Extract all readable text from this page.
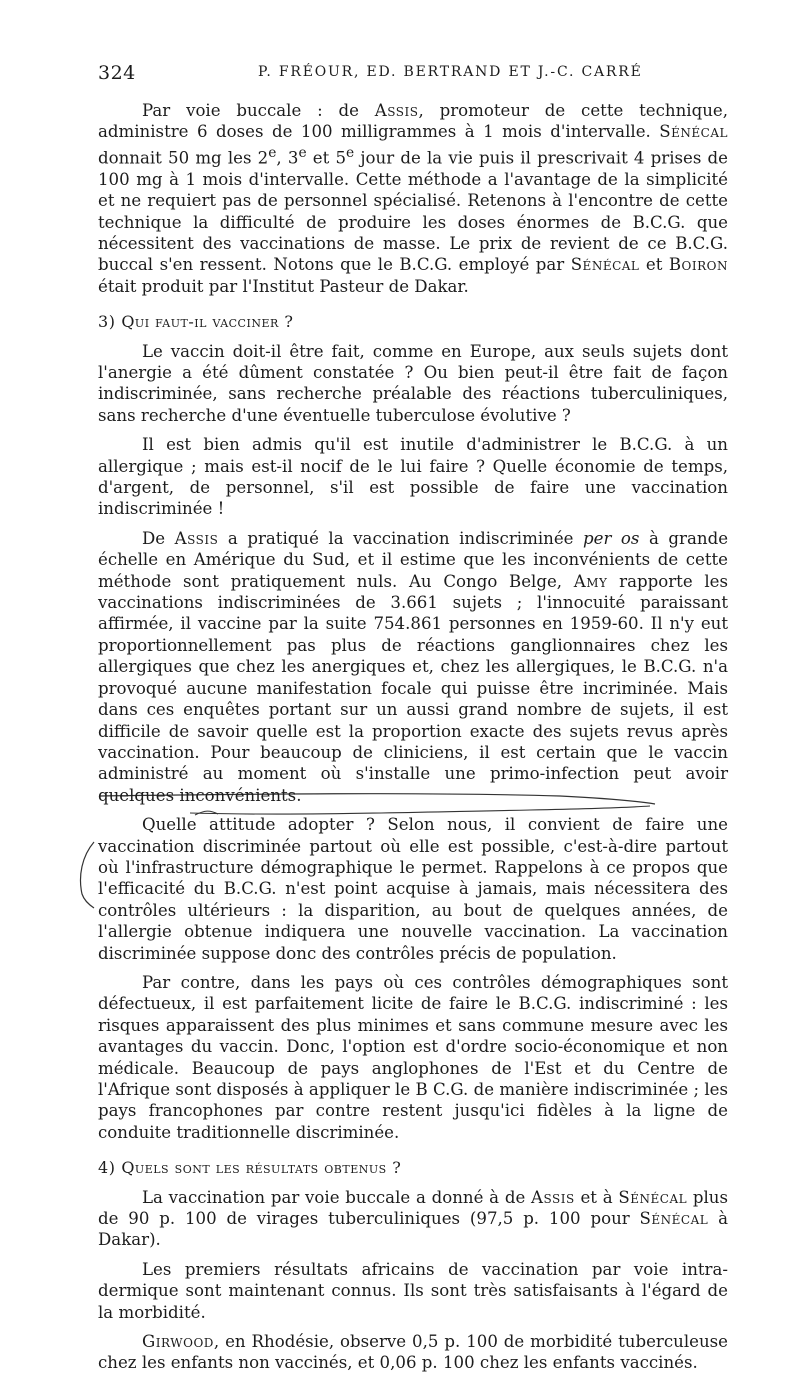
324	P. FRÉOUR, ED. BERTRAND ET J.-C. CARRÉ

Par voie buccale : de Assis, promoteur de cette technique, administre 6 doses de 100 milligrammes à 1 mois d'intervalle. Sénécal donnait 50 mg les 2e, 3e et 5e jour de la vie puis il prescrivait 4 prises de 100 mg à 1 mois d'intervalle. Cette méthode a l'avantage de la simplicité et ne requiert pas de personnel spécialisé. Retenons à l'encontre de cette technique la difficulté de produire les doses énormes de B.C.G. que nécessitent des vaccinations de masse. Le prix de revient de ce B.C.G. buccal s'en ressent. Notons que le B.C.G. employé par Sénécal et Boiron était produit par l'Institut Pasteur de Dakar.

3) Qui faut-il vacciner ?

Le vaccin doit-il être fait, comme en Europe, aux seuls sujets dont l'anergie a été dûment constatée ? Ou bien peut-il être fait de façon indiscriminée, sans recherche préalable des réactions tuberculiniques, sans recherche d'une éventuelle tuberculose évolutive ?

Il est bien admis qu'il est inutile d'administrer le B.C.G. à un allergique ; mais est-il nocif de le lui faire ? Quelle économie de temps, d'argent, de personnel, s'il est possible de faire une vaccination indiscriminée !

De Assis a pratiqué la vaccination indiscriminée per os à grande échelle en Amérique du Sud, et il estime que les inconvénients de cette méthode sont pratiquement nuls. Au Congo Belge, Amy rapporte les vaccinations indiscriminées de 3.661 sujets ; l'innocuité paraissant affirmée, il vaccine par la suite 754.861 personnes en 1959-60. Il n'y eut proportionnellement pas plus de réactions ganglionnaires chez les allergiques que chez les anergiques et, chez les allergiques, le B.C.G. n'a provoqué aucune manifestation focale qui puisse être incriminée. Mais dans ces enquêtes portant sur un aussi grand nombre de sujets, il est difficile de savoir quelle est la proportion exacte des sujets revus après vaccination. Pour beaucoup de cliniciens, il est certain que le vaccin administré au moment où s'installe une primo-infection peut avoir quelques inconvénients.

Quelle attitude adopter ? Selon nous, il convient de faire une vaccination discriminée partout où elle est possible, c'est-à-dire partout où l'infrastructure démographique le permet. Rappelons à ce propos que l'efficacité du B.C.G. n'est point acquise à jamais, mais nécessitera des contrôles ultérieurs : la disparition, au bout de quelques années, de l'allergie obtenue indiquera une nouvelle vaccination. La vaccination discriminée suppose donc des contrôles précis de population.

Par contre, dans les pays où ces contrôles démographiques sont défectueux, il est parfaitement licite de faire le B.C.G. indiscriminé : les risques apparaissent des plus minimes et sans commune mesure avec les avantages du vaccin. Donc, l'option est d'ordre socio-économique et non médicale. Beaucoup de pays anglophones de l'Est et du Centre de l'Afrique sont disposés à appliquer le B C.G. de manière indiscriminée ; les pays francophones par contre restent jusqu'ici fidèles à la ligne de conduite traditionnelle discriminée.

4) Quels sont les résultats obtenus ?

La vaccination par voie buccale a donné à de Assis et à Sénécal plus de 90 p. 100 de virages tuberculiniques (97,5 p. 100 pour Sénécal à Dakar).

Les premiers résultats africains de vaccination par voie intra-dermique sont maintenant connus. Ils sont très satisfaisants à l'égard de la morbidité.

Girwood, en Rhodésie, observe 0,5 p. 100 de morbidité tuberculeuse chez les enfants non vaccinés, et 0,06 p. 100 chez les enfants vaccinés.
